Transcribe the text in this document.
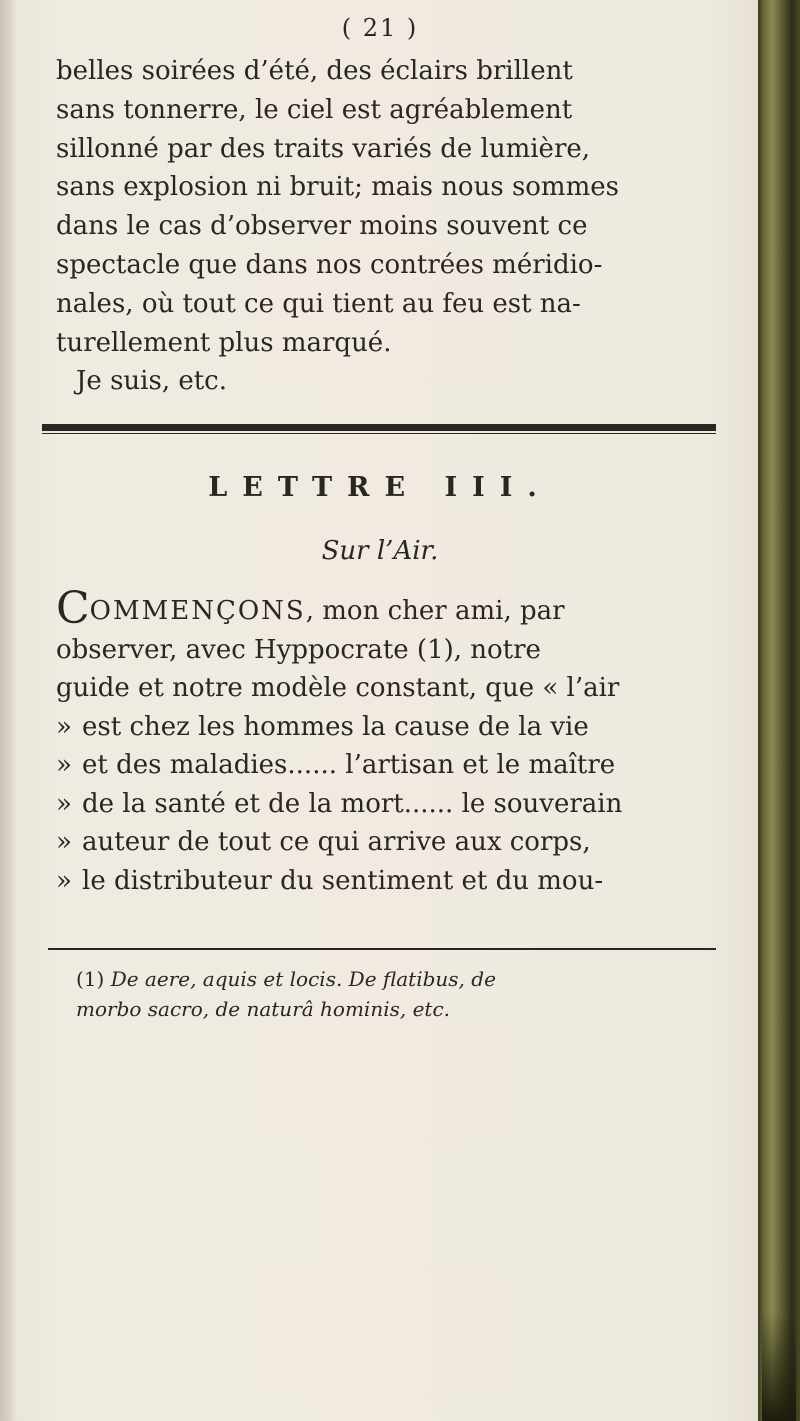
( 21 )
belles soirées d’été, des éclairs brillent
sans tonnerre, le ciel est agréablement
sillonné par des traits variés de lumière,
sans explosion ni bruit; mais nous sommes
dans le cas d’observer moins souvent ce
spectacle que dans nos contrées méridio-
nales, où tout ce qui tient au feu est na-
turellement plus marqué.
Je suis, etc.
LETTRE III.
Sur l’Air.
COMMENÇONS, mon cher ami, par
observer, avec Hyppocrate (1), notre
guide et notre modèle constant, que « l’air
» est chez les hommes la cause de la vie
» et des maladies...... l’artisan et le maître
» de la santé et de la mort...... le souverain
» auteur de tout ce qui arrive aux corps,
» le distributeur du sentiment et du mou-
(1) De aere, aquis et locis. De flatibus, de
morbo sacro, de naturâ hominis, etc.
